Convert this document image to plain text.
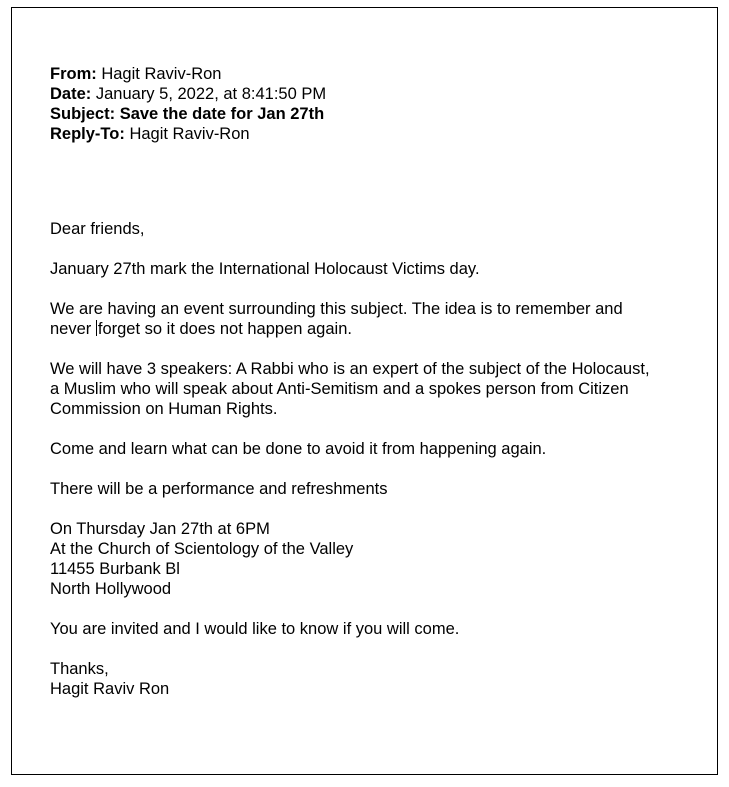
From: Hagit Raviv-Ron
Date: January 5, 2022, at 8:41:50 PM
Subject: Save the date for Jan 27th
Reply-To: Hagit Raviv-Ron

Dear friends,

January 27th mark the International Holocaust Victims day.

We are having an event surrounding this subject. The idea is to remember and
never forget so it does not happen again.

We will have 3 speakers: A Rabbi who is an expert of the subject of the Holocaust,
a Muslim who will speak about Anti-Semitism and a spokes person from Citizen
Commission on Human Rights.

Come and learn what can be done to avoid it from happening again.

There will be a performance and refreshments

On Thursday Jan 27th at 6PM
At the Church of Scientology of the Valley
11455 Burbank Bl
North Hollywood

You are invited and I would like to know if you will come.

Thanks,
Hagit Raviv Ron
